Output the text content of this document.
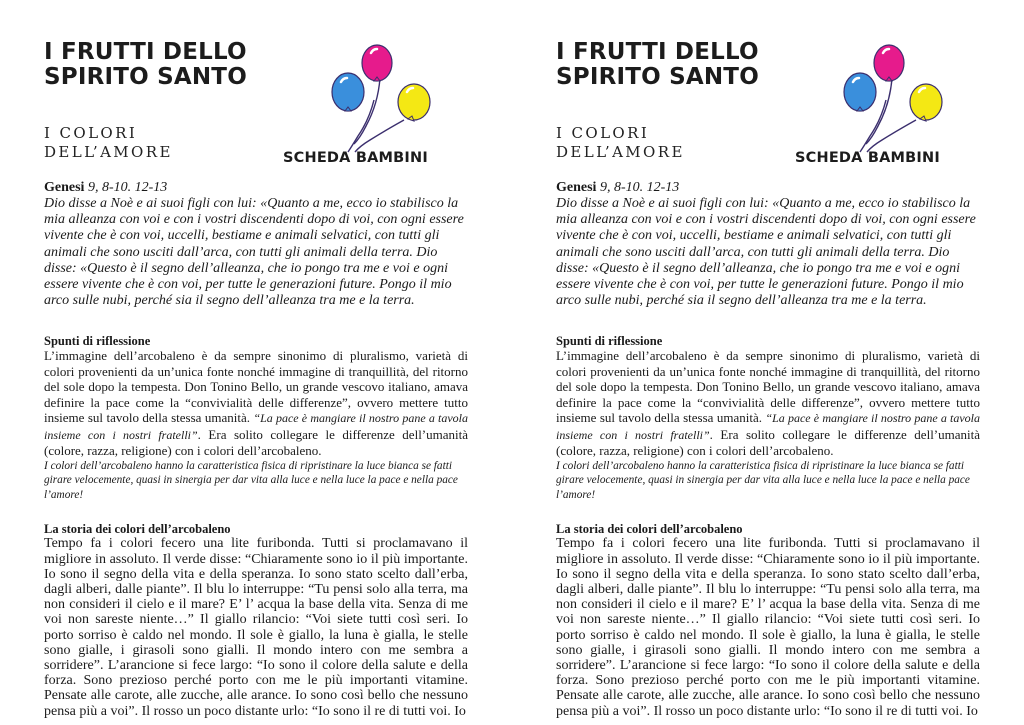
I FRUTTI DELLO SPIRITO SANTO

I COLORI DELL’AMORE	SCHEDA BAMBINI

Genesi 9, 8-10. 12-13

Dio disse a Noè e ai suoi figli con lui: «Quanto a me, ecco io stabilisco la mia alleanza con voi e con i vostri discendenti dopo di voi, con ogni essere vivente che è con voi, uccelli, bestiame e animali selvatici, con tutti gli animali che sono usciti dall’arca, con tutti gli animali della terra. Dio disse: «Questo è il segno dell’alleanza, che io pongo tra me e voi e ogni essere vivente che è con voi, per tutte le generazioni future. Pongo il mio arco sulle nubi, perché sia il segno dell’alleanza tra me e la terra.

Spunti di riflessione

L’immagine dell’arcobaleno è da sempre sinonimo di pluralismo, varietà di colori provenienti da un’unica fonte nonché immagine di tranquillità, del ritorno del sole dopo la tempesta. Don Tonino Bello, un grande vescovo italiano, amava definire la pace come la “convivialità delle differenze”, ovvero mettere tutto insieme sul tavolo della stessa umanità. “La pace è mangiare il nostro pane a tavola insieme con i nostri fratelli”. Era solito collegare le differenze dell’umanità (colore, razza, religione) con i colori dell’arcobaleno.

I colori dell’arcobaleno hanno la caratteristica fisica di ripristinare la luce bianca se fatti girare velocemente, quasi in sinergia per dar vita alla luce e nella luce la pace e nella pace l’amore!

La storia dei colori dell’arcobaleno

Tempo fa i colori fecero una lite furibonda. Tutti si proclamavano il migliore in assoluto. Il verde disse: “Chiaramente sono io il più importante. Io sono il segno della vita e della speranza. Io sono stato scelto dall’erba, dagli alberi, dalle piante”. Il blu lo interruppe: “Tu pensi solo alla terra, ma non consideri il cielo e il mare? E’ l’ acqua la base della vita. Senza di me voi non sareste niente…” Il giallo rilancio: “Voi siete tutti così seri. Io porto sorriso è caldo nel mondo. Il sole è giallo, la luna è gialla, le stelle sono gialle, i girasoli sono gialli. Il mondo intero con me sembra a sorridere”. L’arancione si fece largo: “Io sono il colore della salute e della forza. Sono prezioso perché porto con me le più importanti vitamine. Pensate alle carote, alle zucche, alle arance. Io sono così bello che nessuno pensa più a voi”. Il rosso un poco distante urlo: “Io sono il re di tutti voi. Io

I FRUTTI DELLO SPIRITO SANTO

I COLORI DELL’AMORE	SCHEDA BAMBINI

Genesi 9, 8-10. 12-13

Dio disse a Noè e ai suoi figli con lui: «Quanto a me, ecco io stabilisco la mia alleanza con voi e con i vostri discendenti dopo di voi, con ogni essere vivente che è con voi, uccelli, bestiame e animali selvatici, con tutti gli animali che sono usciti dall’arca, con tutti gli animali della terra. Dio disse: «Questo è il segno dell’alleanza, che io pongo tra me e voi e ogni essere vivente che è con voi, per tutte le generazioni future. Pongo il mio arco sulle nubi, perché sia il segno dell’alleanza tra me e la terra.

Spunti di riflessione

L’immagine dell’arcobaleno è da sempre sinonimo di pluralismo, varietà di colori provenienti da un’unica fonte nonché immagine di tranquillità, del ritorno del sole dopo la tempesta. Don Tonino Bello, un grande vescovo italiano, amava definire la pace come la “convivialità delle differenze”, ovvero mettere tutto insieme sul tavolo della stessa umanità. “La pace è mangiare il nostro pane a tavola insieme con i nostri fratelli”. Era solito collegare le differenze dell’umanità (colore, razza, religione) con i colori dell’arcobaleno.

I colori dell’arcobaleno hanno la caratteristica fisica di ripristinare la luce bianca se fatti girare velocemente, quasi in sinergia per dar vita alla luce e nella luce la pace e nella pace l’amore!

La storia dei colori dell’arcobaleno

Tempo fa i colori fecero una lite furibonda. Tutti si proclamavano il migliore in assoluto. Il verde disse: “Chiaramente sono io il più importante. Io sono il segno della vita e della speranza. Io sono stato scelto dall’erba, dagli alberi, dalle piante”. Il blu lo interruppe: “Tu pensi solo alla terra, ma non consideri il cielo e il mare? E’ l’ acqua la base della vita. Senza di me voi non sareste niente…” Il giallo rilancio: “Voi siete tutti così seri. Io porto sorriso è caldo nel mondo. Il sole è giallo, la luna è gialla, le stelle sono gialle, i girasoli sono gialli. Il mondo intero con me sembra a sorridere”. L’arancione si fece largo: “Io sono il colore della salute e della forza. Sono prezioso perché porto con me le più importanti vitamine. Pensate alle carote, alle zucche, alle arance. Io sono così bello che nessuno pensa più a voi”. Il rosso un poco distante urlo: “Io sono il re di tutti voi. Io
